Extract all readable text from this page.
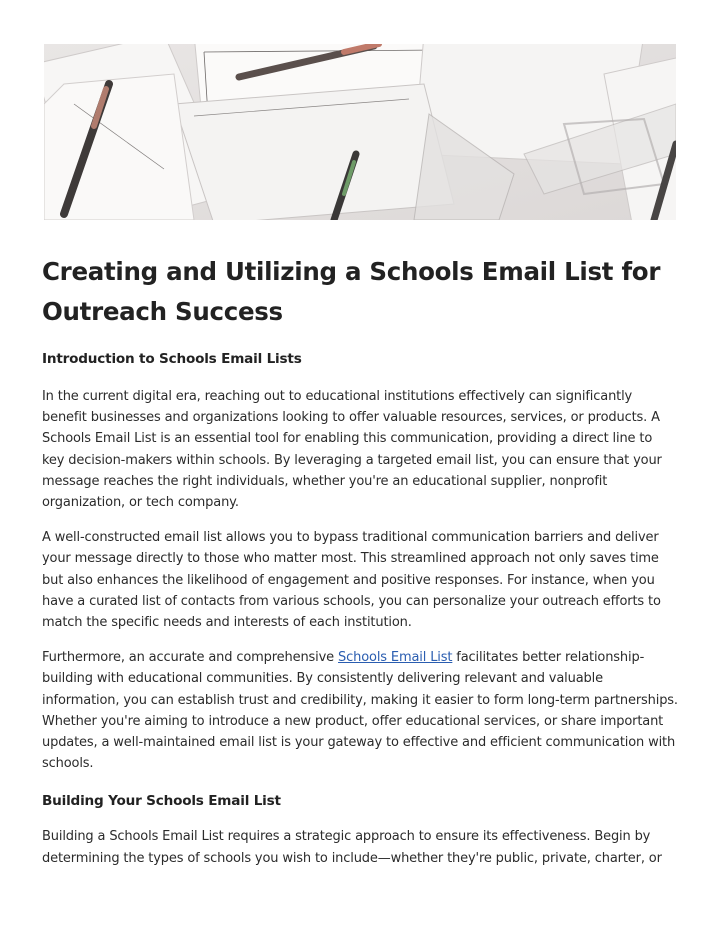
Creating and Utilizing a Schools Email List for Outreach Success
Introduction to Schools Email Lists

In the current digital era, reaching out to educational institutions effectively can significantly benefit businesses and organizations looking to offer valuable resources, services, or products. A Schools Email List is an essential tool for enabling this communication, providing a direct line to key decision-makers within schools. By leveraging a targeted email list, you can ensure that your message reaches the right individuals, whether you're an educational supplier, nonprofit organization, or tech company.

A well-constructed email list allows you to bypass traditional communication barriers and deliver your message directly to those who matter most. This streamlined approach not only saves time but also enhances the likelihood of engagement and positive responses. For instance, when you have a curated list of contacts from various schools, you can personalize your outreach efforts to match the specific needs and interests of each institution.

Furthermore, an accurate and comprehensive Schools Email List facilitates better relationship-building with educational communities. By consistently delivering relevant and valuable information, you can establish trust and credibility, making it easier to form long-term partnerships. Whether you're aiming to introduce a new product, offer educational services, or share important updates, a well-maintained email list is your gateway to effective and efficient communication with schools.

Building Your Schools Email List

Building a Schools Email List requires a strategic approach to ensure its effectiveness. Begin by determining the types of schools you wish to include—whether they're public, private, charter, or
